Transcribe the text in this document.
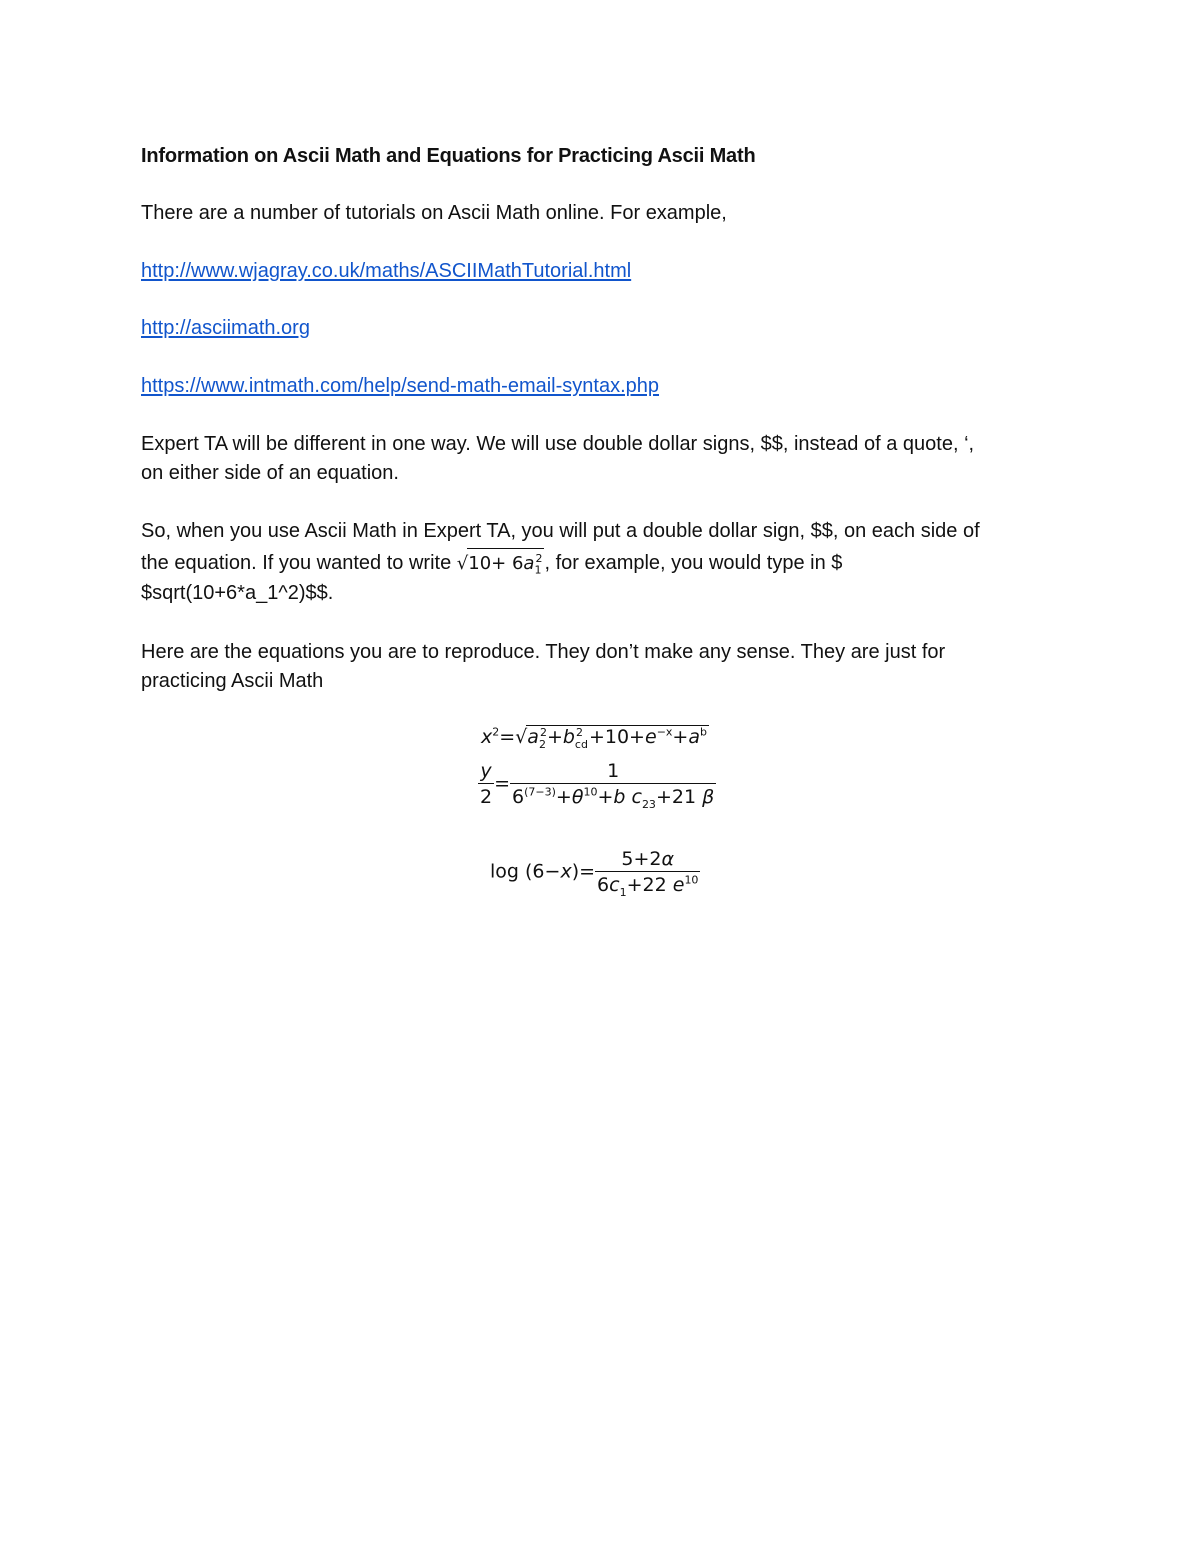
Information on Ascii Math and Equations for Practicing Ascii Math
There are a number of tutorials on Ascii Math online. For example,
http://www.wjagray.co.uk/maths/ASCIIMathTutorial.html
http://asciimath.org
https://www.intmath.com/help/send-math-email-syntax.php
Expert TA will be different in one way. We will use double dollar signs, $$, instead of a quote, ‘,
on either side of an equation.
So, when you use Ascii Math in Expert TA, you will put a double dollar sign, $$, on each side of
the equation. If you wanted to write $√10+ 6a_1^2$ , for example, you would type in $
$sqrt(10+6*a_1^2)$$.
Here are the equations you are to reproduce. They don’t make any sense. They are just for
practicing Ascii Math
$x^2=√a_2^2+b_{cd}^2 +10+e^{-x}+a^b$
$\frac{y}{2} = \frac{1}{6^{(7-3)}+\theta^{10}+b c_{23}+21 \beta}$
$\log (6-x)= \frac{5+2\alpha}{6c_1+22 e^{10}}$
